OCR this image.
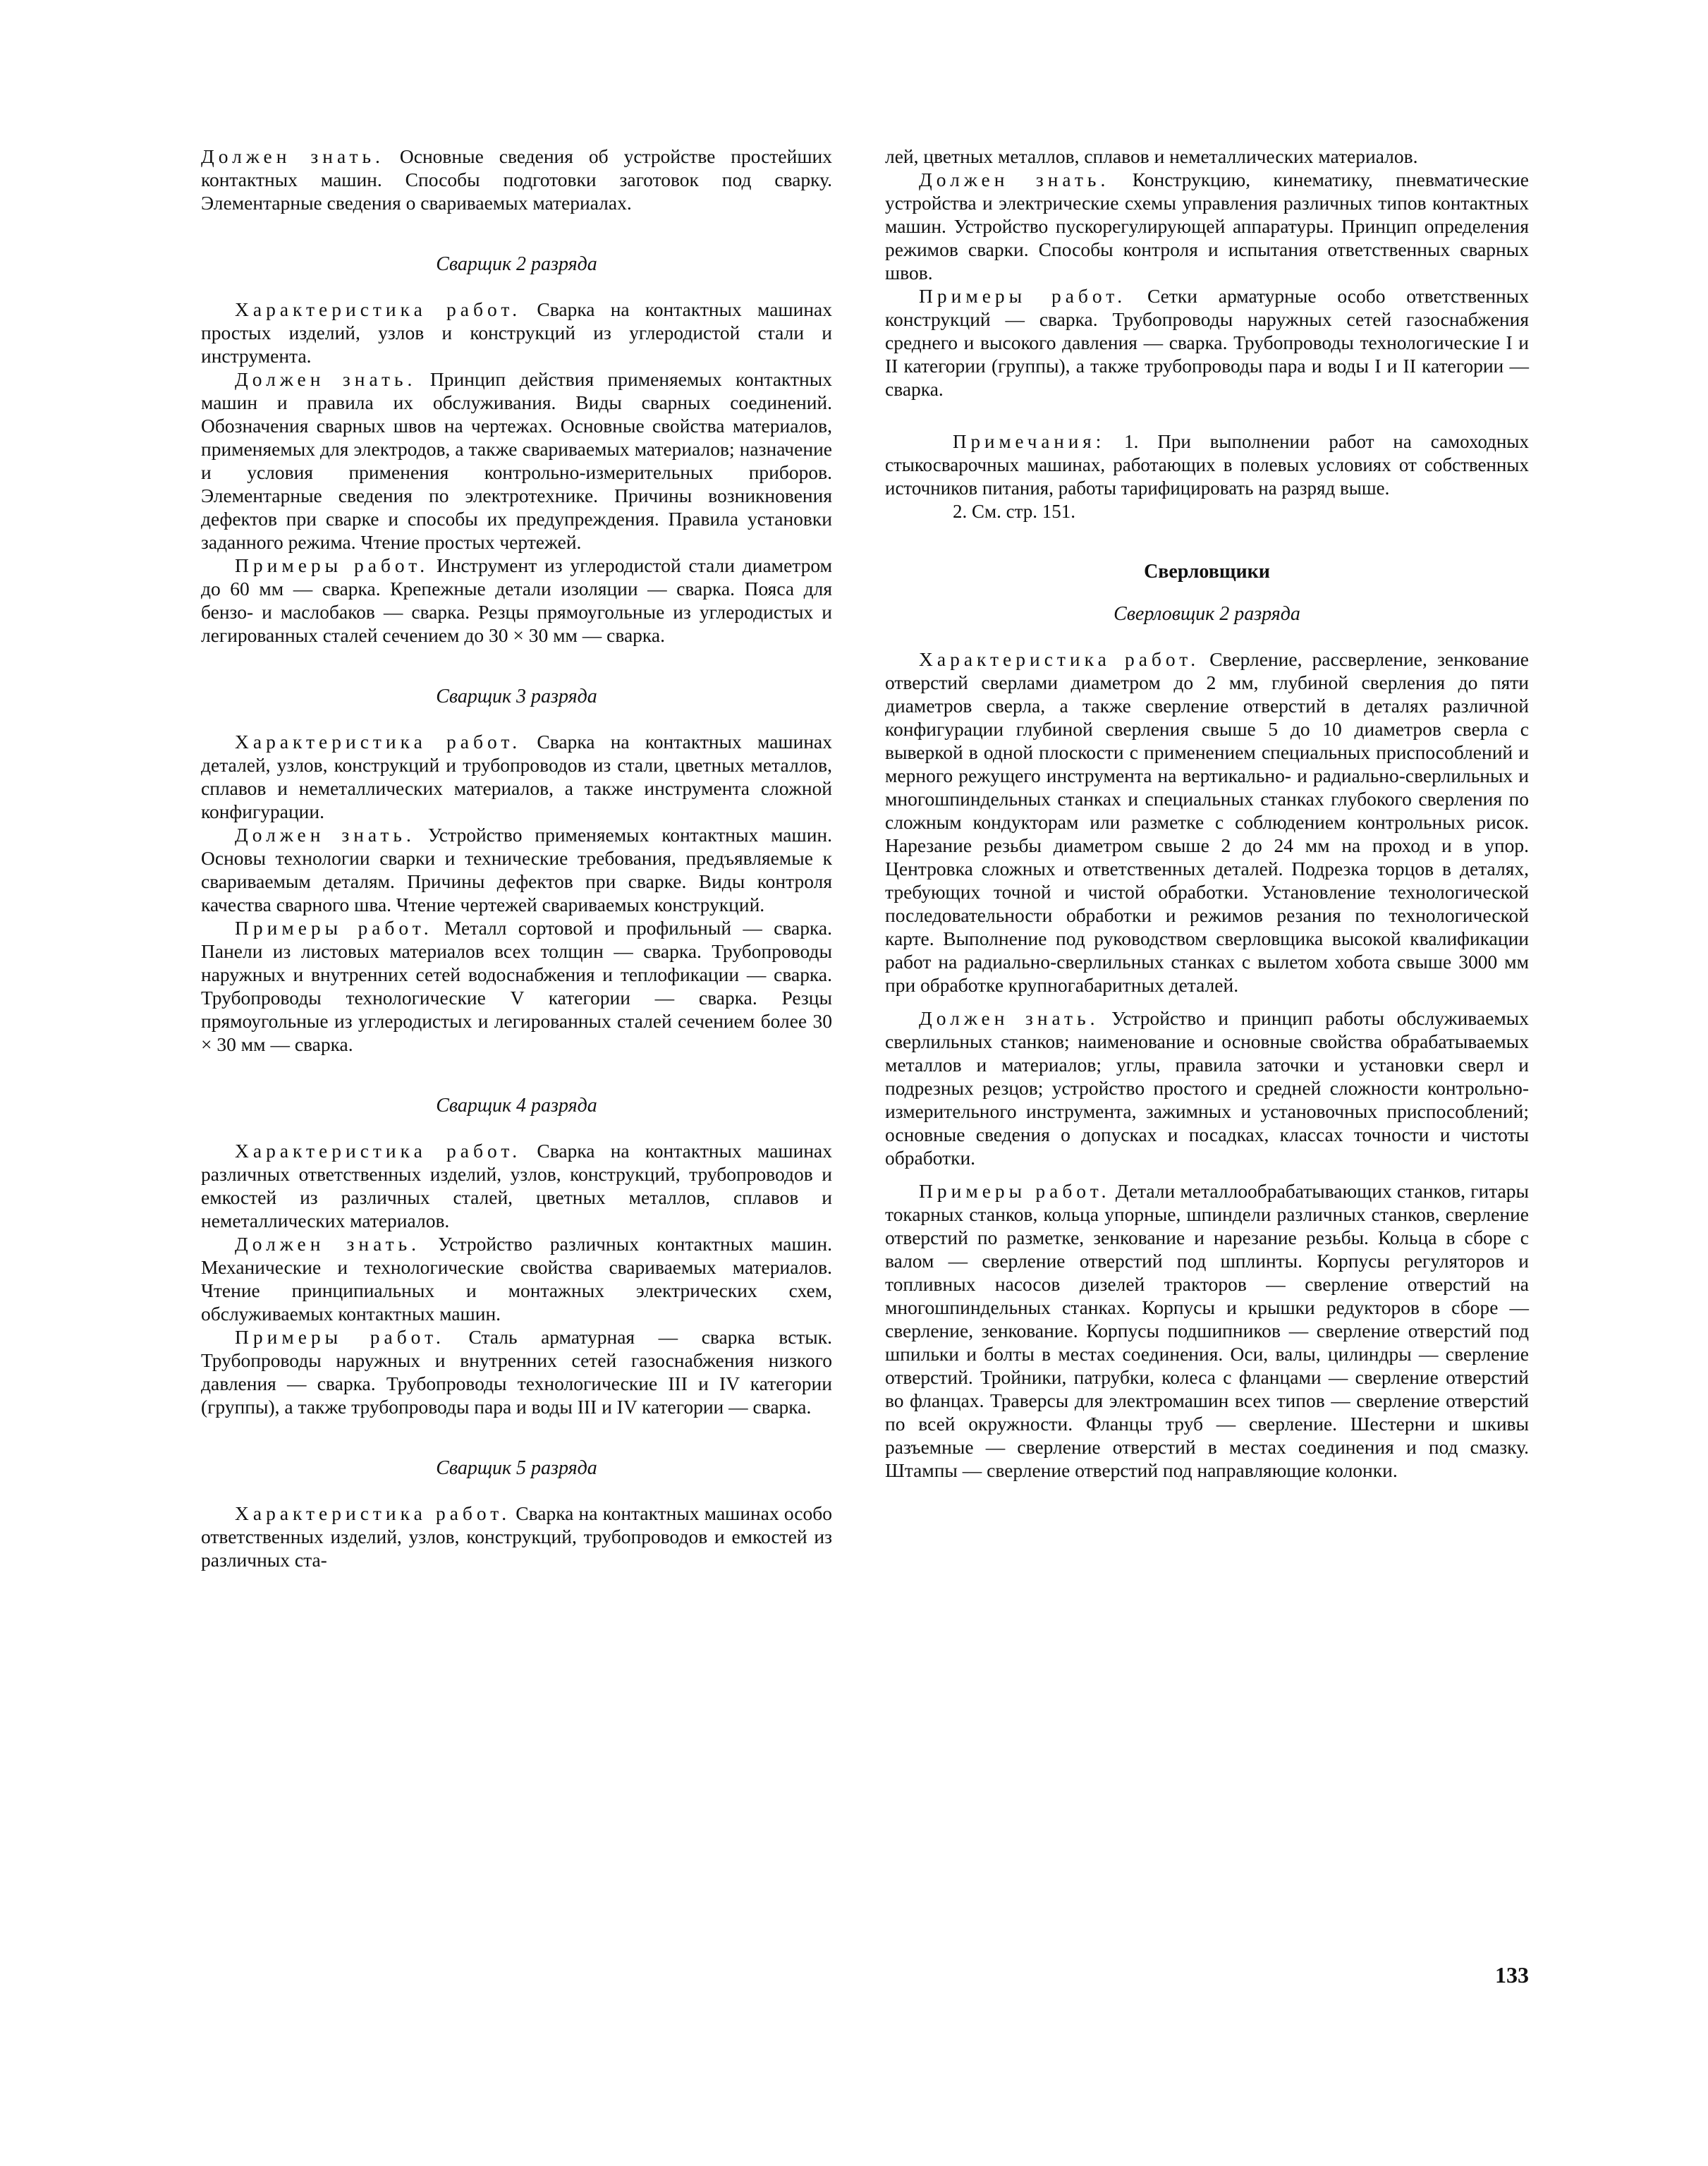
Должен знать. Основные сведения об устройстве простейших контактных машин. Способы подготовки заготовок под сварку. Элементарные сведения о свариваемых материалах.

Сварщик 2 разряда

Характеристика работ. Сварка на контактных машинах простых изделий, узлов и конструкций из углеродистой стали и инструмента.

Должен знать. Принцип действия применяемых контактных машин и правила их обслуживания. Виды сварных соединений. Обозначения сварных швов на чертежах. Основные свойства материалов, применяемых для электродов, а также свариваемых материалов; назначение и условия применения контрольно-измерительных приборов. Элементарные сведения по электротехнике. Причины возникновения дефектов при сварке и способы их предупреждения. Правила установки заданного режима. Чтение простых чертежей.

Примеры работ. Инструмент из углеродистой стали диаметром до 60 мм — сварка. Крепежные детали изоляции — сварка. Пояса для бензо- и маслобаков — сварка. Резцы прямоугольные из углеродистых и легированных сталей сечением до 30 × 30 мм — сварка.

Сварщик 3 разряда

Характеристика работ. Сварка на контактных машинах деталей, узлов, конструкций и трубопроводов из стали, цветных металлов, сплавов и неметаллических материалов, а также инструмента сложной конфигурации.

Должен знать. Устройство применяемых контактных машин. Основы технологии сварки и технические требования, предъявляемые к свариваемым деталям. Причины дефектов при сварке. Виды контроля качества сварного шва. Чтение чертежей свариваемых конструкций.

Примеры работ. Металл сортовой и профильный — сварка. Панели из листовых материалов всех толщин — сварка. Трубопроводы наружных и внутренних сетей водоснабжения и теплофикации — сварка. Трубопроводы технологические V категории — сварка. Резцы прямоугольные из углеродистых и легированных сталей сечением более 30 × 30 мм — сварка.

Сварщик 4 разряда

Характеристика работ. Сварка на контактных машинах различных ответственных изделий, узлов, конструкций, трубопроводов и емкостей из различных сталей, цветных металлов, сплавов и неметаллических материалов.

Должен знать. Устройство различных контактных машин. Механические и технологические свойства свариваемых материалов. Чтение принципиальных и монтажных электрических схем, обслуживаемых контактных машин.

Примеры работ. Сталь арматурная — сварка встык. Трубопроводы наружных и внутренних сетей газоснабжения низкого давления — сварка. Трубопроводы технологические III и IV категории (группы), а также трубопроводы пара и воды III и IV категории — сварка.

Сварщик 5 разряда

Характеристика работ. Сварка на контактных машинах особо ответственных изделий, узлов, конструкций, трубопроводов и емкостей из различных ста-

лей, цветных металлов, сплавов и неметаллических материалов.

Должен знать. Конструкцию, кинематику, пневматические устройства и электрические схемы управления различных типов контактных машин. Устройство пускорегулирующей аппаратуры. Принцип определения режимов сварки. Способы контроля и испытания ответственных сварных швов.

Примеры работ. Сетки арматурные особо ответственных конструкций — сварка. Трубопроводы наружных сетей газоснабжения среднего и высокого давления — сварка. Трубопроводы технологические I и II категории (группы), а также трубопроводы пара и воды I и II категории — сварка.

Примечания: 1. При выполнении работ на самоходных стыкосварочных машинах, работающих в полевых условиях от собственных источников питания, работы тарифицировать на разряд выше.

2. См. стр. 151.

Сверловщики
Сверловщик 2 разряда

Характеристика работ. Сверление, рассверление, зенкование отверстий сверлами диаметром до 2 мм, глубиной сверления до пяти диаметров сверла, а также сверление отверстий в деталях различной конфигурации глубиной сверления свыше 5 до 10 диаметров сверла с выверкой в одной плоскости с применением специальных приспособлений и мерного режущего инструмента на вертикально- и радиально-сверлильных и многошпиндельных станках и специальных станках глубокого сверления по сложным кондукторам или разметке с соблюдением контрольных рисок. Нарезание резьбы диаметром свыше 2 до 24 мм на проход и в упор. Центровка сложных и ответственных деталей. Подрезка торцов в деталях, требующих точной и чистой обработки. Установление технологической последовательности обработки и режимов резания по технологической карте. Выполнение под руководством сверловщика высокой квалификации работ на радиально-сверлильных станках с вылетом хобота свыше 3000 мм при обработке крупногабаритных деталей.

Должен знать. Устройство и принцип работы обслуживаемых сверлильных станков; наименование и основные свойства обрабатываемых металлов и материалов; углы, правила заточки и установки сверл и подрезных резцов; устройство простого и средней сложности контрольно-измерительного инструмента, зажимных и установочных приспособлений; основные сведения о допусках и посадках, классах точности и чистоты обработки.

Примеры работ. Детали металлообрабатывающих станков, гитары токарных станков, кольца упорные, шпиндели различных станков, сверление отверстий по разметке, зенкование и нарезание резьбы. Кольца в сборе с валом — сверление отверстий под шплинты. Корпусы регуляторов и топливных насосов дизелей тракторов — сверление отверстий на многошпиндельных станках. Корпусы и крышки редукторов в сборе — сверление, зенкование. Корпусы подшипников — сверление отверстий под шпильки и болты в местах соединения. Оси, валы, цилиндры — сверление отверстий. Тройники, патрубки, колеса с фланцами — сверление отверстий во фланцах. Траверсы для электромашин всех типов — сверление отверстий по всей окружности. Фланцы труб — сверление. Шестерни и шкивы разъемные — сверление отверстий в местах соединения и под смазку. Штампы — сверление отверстий под направляющие колонки.

133
